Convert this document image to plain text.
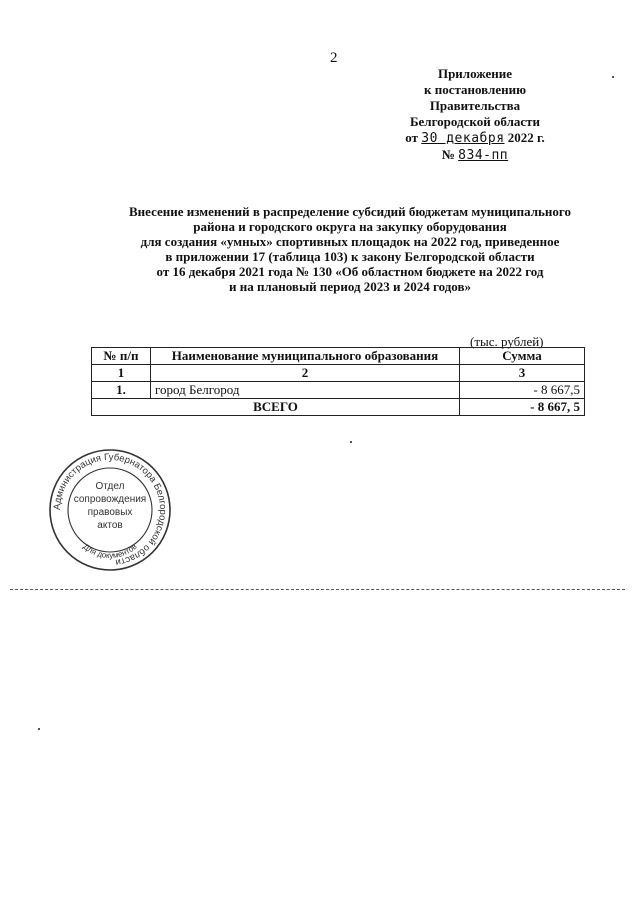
2
Приложение
к постановлению Правительства
Белгородской области
от 30 декабря 2022 г.
№ 834-пп
Внесение изменений в распределение субсидий бюджетам муниципального
района и городского округа на закупку оборудования
для создания «умных» спортивных площадок на 2022 год, приведенное
в приложении 17 (таблица 103) к закону Белгородской области
от 16 декабря 2021 года № 130 «Об областном бюджете на 2022 год
и на плановый период 2023 и 2024 годов»
(тыс. рублей)
№ п/п	Наименование муниципального образования	Сумма
1	2	3
1.	город Белгород	- 8 667,5
ВСЕГО		- 8 667, 5
Администрация Губернатора Белгородской области
Отдел
сопровождения
правовых
актов
Для документов
